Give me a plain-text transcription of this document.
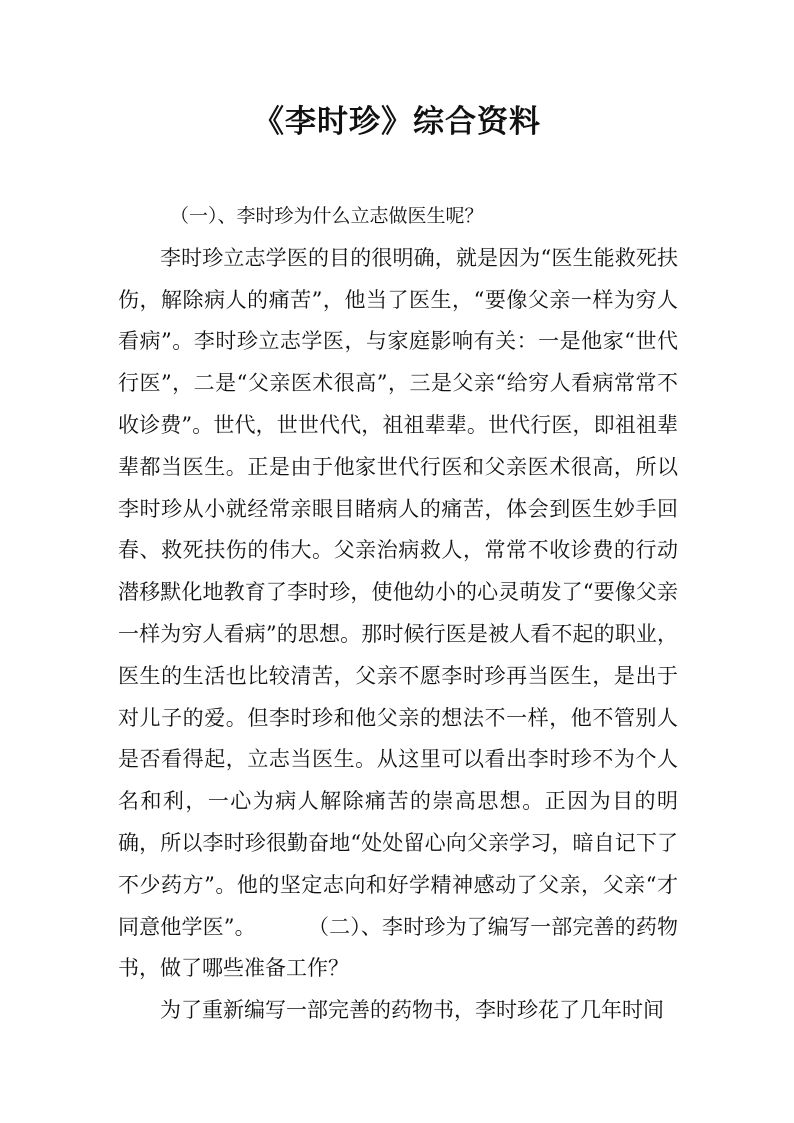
《李时珍》综合资料

（一）、李时珍为什么立志做医生呢？

李时珍立志学医的目的很明确，就是因为“医生能救死扶伤，解除病人的痛苦”，他当了医生，“要像父亲一样为穷人看病”。李时珍立志学医，与家庭影响有关：一是他家“世代行医”，二是“父亲医术很高”，三是父亲“给穷人看病常常不收诊费”。世代，世世代代，祖祖辈辈。世代行医，即祖祖辈辈都当医生。正是由于他家世代行医和父亲医术很高，所以李时珍从小就经常亲眼目睹病人的痛苦，体会到医生妙手回春、救死扶伤的伟大。父亲治病救人，常常不收诊费的行动潜移默化地教育了李时珍，使他幼小的心灵萌发了“要像父亲一样为穷人看病”的思想。那时候行医是被人看不起的职业，医生的生活也比较清苦，父亲不愿李时珍再当医生，是出于对儿子的爱。但李时珍和他父亲的想法不一样，他不管别人是否看得起，立志当医生。从这里可以看出李时珍不为个人名和利，一心为病人解除痛苦的崇高思想。正因为目的明确，所以李时珍很勤奋地“处处留心向父亲学习，暗自记下了不少药方”。他的坚定志向和好学精神感动了父亲，父亲“才同意他学医”。 （二）、李时珍为了编写一部完善的药物书，做了哪些准备工作？

为了重新编写一部完善的药物书，李时珍花了几年时间
